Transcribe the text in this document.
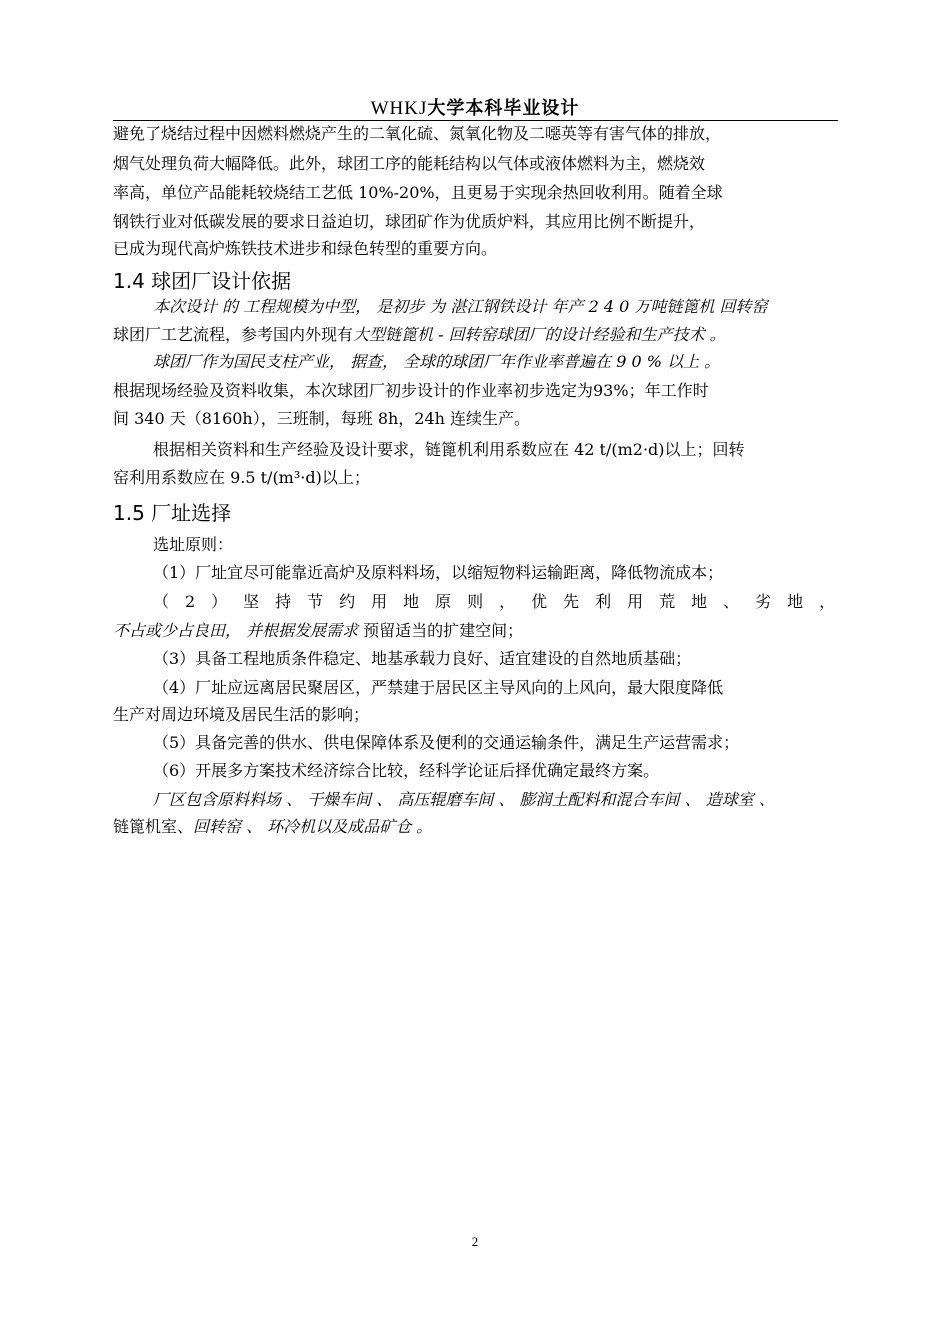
WHKJ大学本科毕业设计
避免了烧结过程中因燃料燃烧产生的二氧化硫、氮氧化物及二噁英等有害气体的排放，
烟气处理负荷大幅降低。此外，球团工序的能耗结构以气体或液体燃料为主，燃烧效
率高，单位产品能耗较烧结工艺低 10%-20%，且更易于实现余热回收利用。随着全球
钢铁行业对低碳发展的要求日益迫切，球团矿作为优质炉料，其应用比例不断提升，
已成为现代高炉炼铁技术进步和绿色转型的重要方向。
1.4 球团厂设计依据
本次设计 的 工程规模为中型， 是初步 为 湛江钢铁设计 年产 2 4 0 万吨链篦机 回转窑
球团厂工艺流程，参考国内外现有大型链篦机 - 回转窑球团厂的设计经验和生产技术 。
球团厂作为国民支柱产业， 据查， 全球的球团厂年作业率普遍在 9 0 % 以上 。
根据现场经验及资料收集，本次球团厂初步设计的作业率初步选定为93%；年工作时
间 340 天（8160h），三班制，每班 8h，24h 连续生产。
根据相关资料和生产经验及设计要求，链篦机利用系数应在 42 t/(m2·d)以上；回转
窑利用系数应在 9.5 t/(m³·d)以上；
1.5 厂址选择
选址原则：
（1）厂址宜尽可能靠近高炉及原料料场，以缩短物料运输距离，降低物流成本；
（2）坚持节约用地原则，优先利用荒地、劣地，
不占或少占良田， 并根据发展需求 预留适当的扩建空间；
（3）具备工程地质条件稳定、地基承载力良好、适宜建设的自然地质基础；
（4）厂址应远离居民聚居区，严禁建于居民区主导风向的上风向，最大限度降低
生产对周边环境及居民生活的影响；
（5）具备完善的供水、供电保障体系及便利的交通运输条件，满足生产运营需求；
（6）开展多方案技术经济综合比较，经科学论证后择优确定最终方案。
厂区包含原料料场 、 干燥车间 、 高压辊磨车间 、 膨润土配料和混合车间 、 造球室 、
链篦机室、回转窑 、 环冷机以及成品矿仓 。
2
